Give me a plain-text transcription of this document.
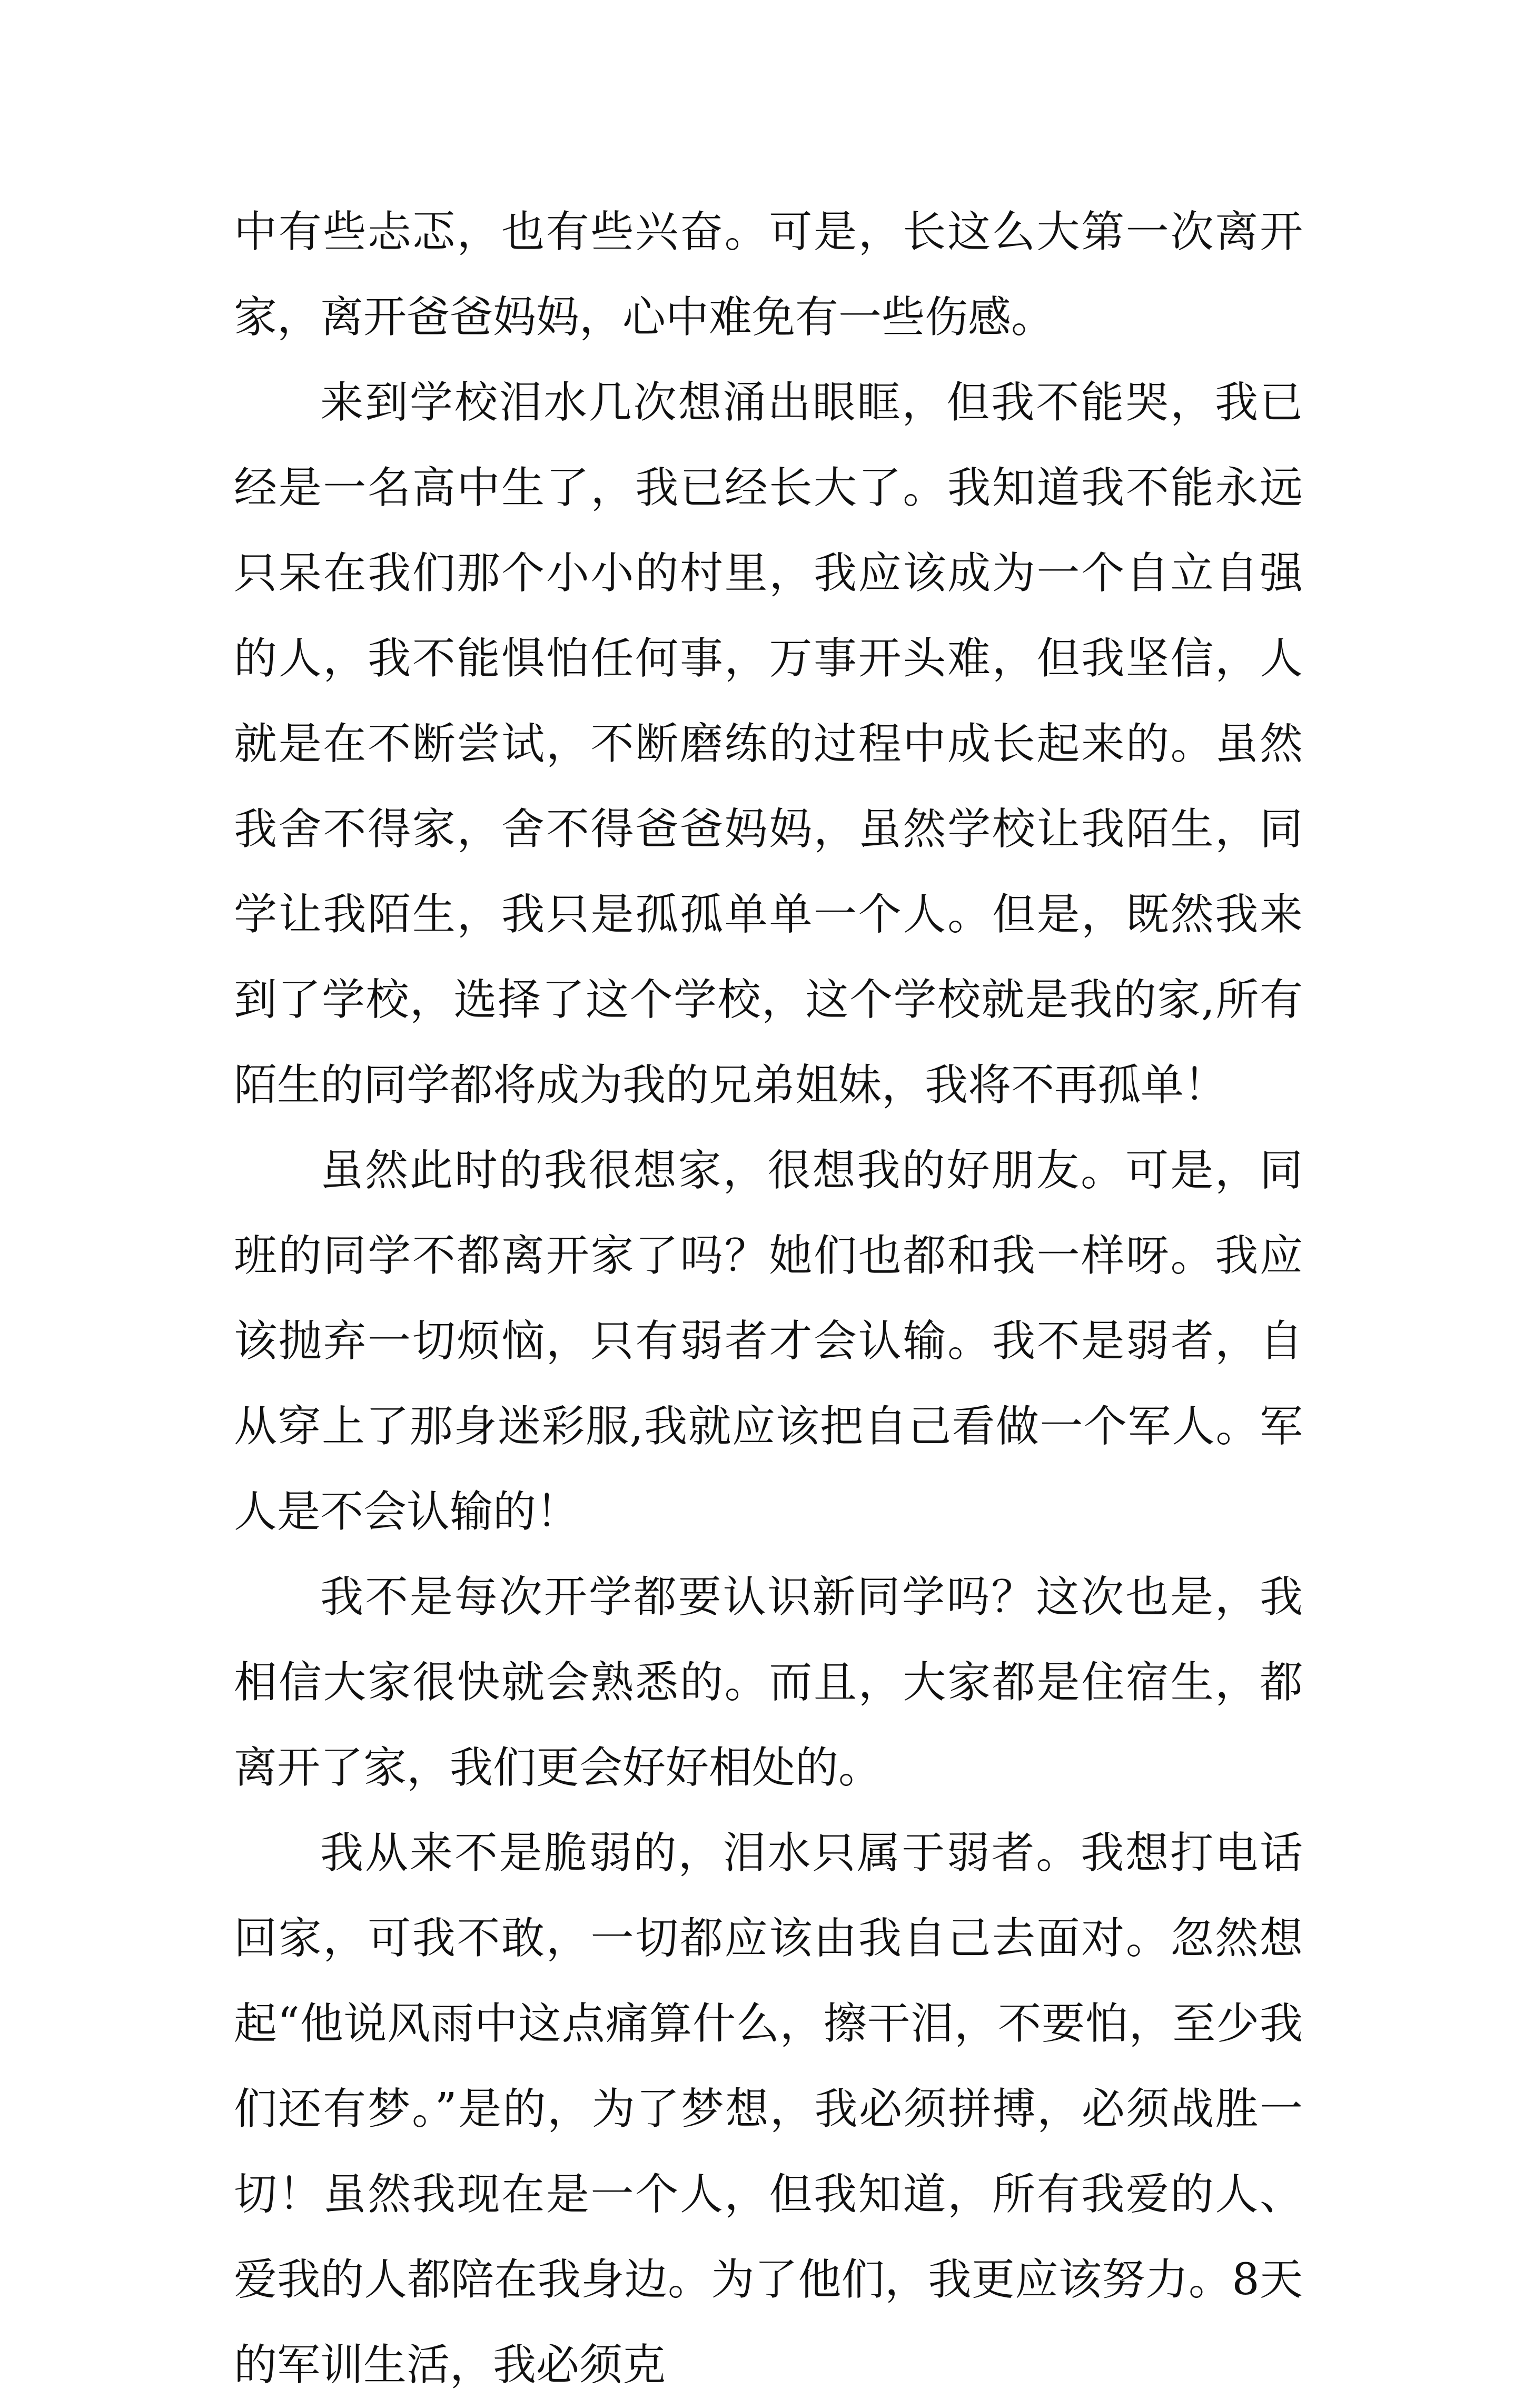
中有些忐忑，也有些兴奋。可是，长这么大第一次离开家，离开爸爸妈妈，心中难免有一些伤感。

来到学校泪水几次想涌出眼眶，但我不能哭，我已经是一名高中生了，我已经长大了。我知道我不能永远只呆在我们那个小小的村里，我应该成为一个自立自强的人，我不能惧怕任何事，万事开头难，但我坚信，人就是在不断尝试，不断磨练的过程中成长起来的。虽然我舍不得家，舍不得爸爸妈妈，虽然学校让我陌生，同学让我陌生，我只是孤孤单单一个人。但是，既然我来到了学校，选择了这个学校，这个学校就是我的家,所有陌生的同学都将成为我的兄弟姐妹，我将不再孤单！

虽然此时的我很想家，很想我的好朋友。可是，同班的同学不都离开家了吗？她们也都和我一样呀。我应该抛弃一切烦恼，只有弱者才会认输。我不是弱者，自从穿上了那身迷彩服,我就应该把自己看做一个军人。军人是不会认输的！

我不是每次开学都要认识新同学吗？这次也是，我相信大家很快就会熟悉的。而且，大家都是住宿生，都离开了家，我们更会好好相处的。

我从来不是脆弱的，泪水只属于弱者。我想打电话回家，可我不敢，一切都应该由我自己去面对。忽然想起“他说风雨中这点痛算什么，擦干泪，不要怕，至少我们还有梦。”是的，为了梦想，我必须拼搏，必须战胜一切！虽然我现在是一个人，但我知道，所有我爱的人、爱我的人都陪在我身边。为了他们，我更应该努力。8天的军训生活，我必须克
